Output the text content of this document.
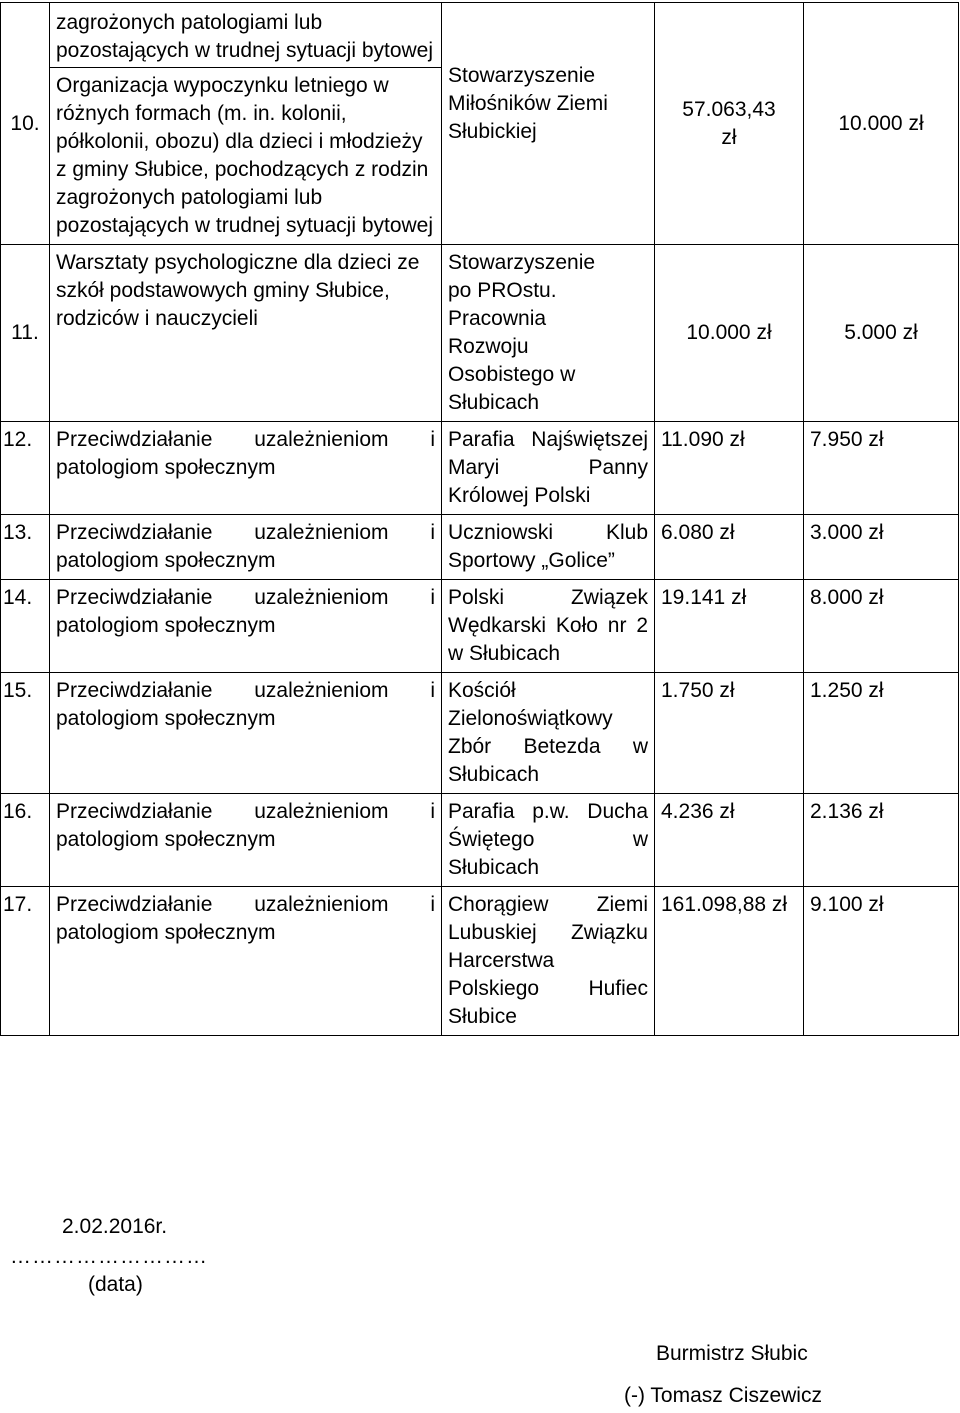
10.	zagrożonych patologiami lub pozostających w trudnej sytuacji bytowej	Stowarzyszenie Miłośników Ziemi Słubickiej	57.063,43 zł	10.000 zł
	Organizacja wypoczynku letniego w różnych formach (m. in. kolonii, półkolonii, obozu) dla dzieci i młodzieży z gminy Słubice, pochodzących z rodzin zagrożonych patologiami lub pozostających w trudnej sytuacji bytowej			
11.	Warsztaty psychologiczne dla dzieci ze szkół podstawowych gminy Słubice, rodziców i nauczycieli	Stowarzyszenie po PROstu. Pracownia Rozwoju Osobistego w Słubicach	10.000 zł	5.000 zł
12.	Przeciwdziałanie uzależnieniom i patologiom społecznym	Parafia Najświętszej Maryi Panny Królowej Polski	11.090 zł	7.950 zł
13.	Przeciwdziałanie uzależnieniom i patologiom społecznym	Uczniowski Klub Sportowy „Golice”	6.080 zł	3.000 zł
14.	Przeciwdziałanie uzależnieniom i patologiom społecznym	Polski Związek Wędkarski Koło nr 2 w Słubicach	19.141 zł	8.000 zł
15.	Przeciwdziałanie uzależnieniom i patologiom społecznym	Kościół Zielonoświątkowy Zbór Betezda w Słubicach	1.750 zł	1.250 zł
16.	Przeciwdziałanie uzależnieniom i patologiom społecznym	Parafia p.w. Ducha Świętego w Słubicach	4.236 zł	2.136 zł
17.	Przeciwdziałanie uzależnieniom i patologiom społecznym	Chorągiew Ziemi Lubuskiej Związku Harcerstwa Polskiego Hufiec Słubice	161.098,88 zł	9.100 zł
2.02.2016r.
………………………
(data)
Burmistrz Słubic
(-) Tomasz Ciszewicz
